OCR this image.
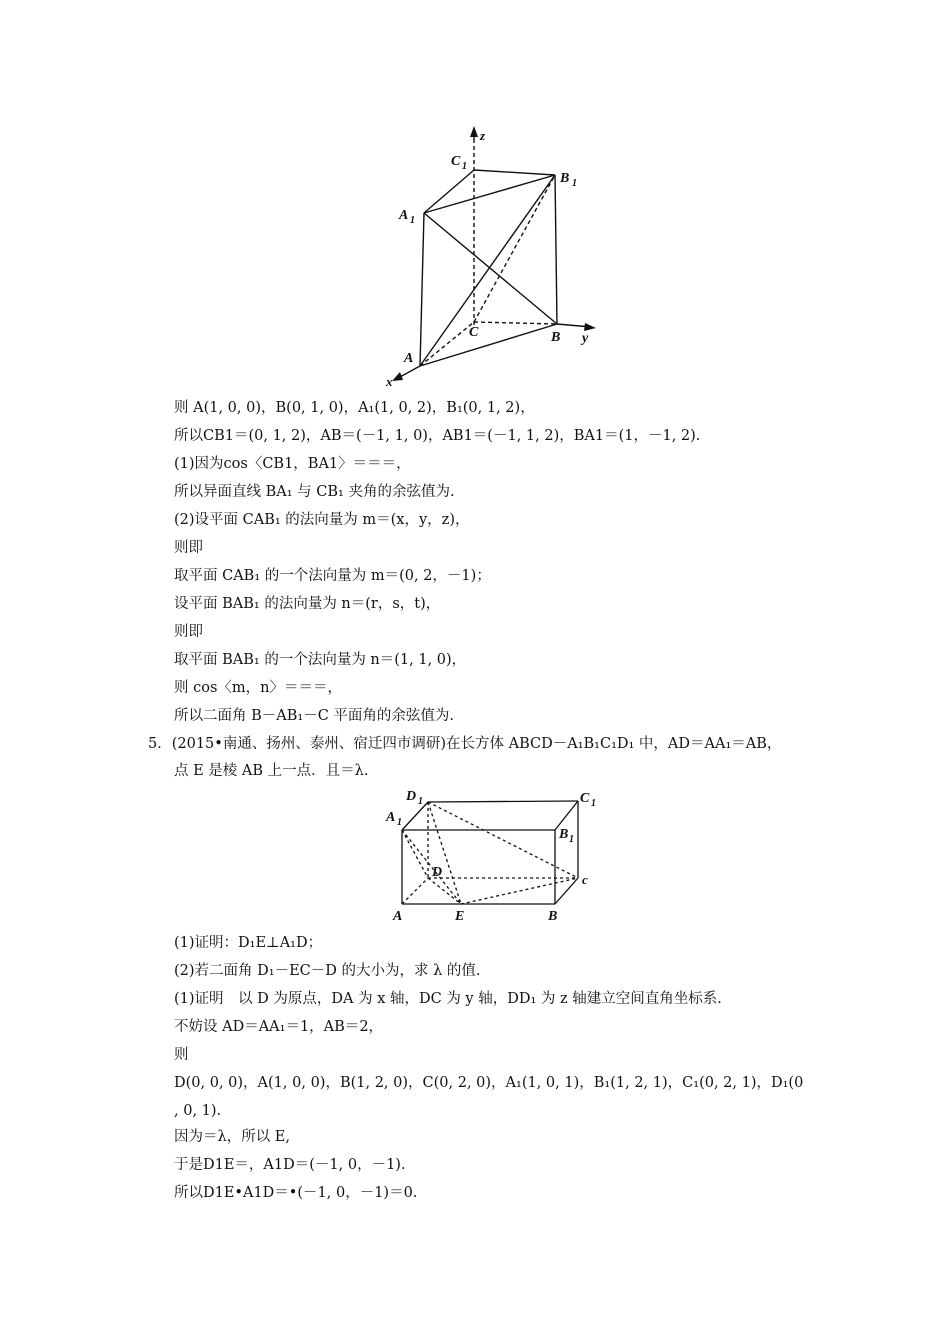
z
C 1
B 1
A 1
C	B y
A
x
则 A(1, 0, 0)，B(0, 1, 0)，A₁(1, 0, 2)，B₁(0, 1, 2)，
所以CB1＝(0, 1, 2)，AB＝(－1, 1, 0)，AB1＝(－1, 1, 2)，BA1＝(1，－1, 2).
(1)因为cos〈CB1，BA1〉＝＝＝，
所以异面直线 BA₁ 与 CB₁ 夹角的余弦值为.
(2)设平面 CAB₁ 的法向量为 m＝(x，y，z)，
则即
取平面 CAB₁ 的一个法向量为 m＝(0, 2，－1)；
设平面 BAB₁ 的法向量为 n＝(r，s，t)，
则即
取平面 BAB₁ 的一个法向量为 n＝(1, 1, 0)，
则 cos〈m，n〉＝＝＝，
所以二面角 B－AB₁－C 平面角的余弦值为.
5．(2015•南通、扬州、泰州、宿迁四市调研)在长方体 ABCD－A₁B₁C₁D₁ 中，AD＝AA₁＝AB，
点 E 是棱 AB 上一点．且＝λ.
D 1	C 1
A 1
B 1
D	c
A	E	B
(1)证明：D₁E⊥A₁D；
(2)若二面角 D₁－EC－D 的大小为，求 λ 的值.
(1)证明　以 D 为原点，DA 为 x 轴，DC 为 y 轴，DD₁ 为 z 轴建立空间直角坐标系.
不妨设 AD＝AA₁＝1，AB＝2，
则
D(0, 0, 0)，A(1, 0, 0)，B(1, 2, 0)，C(0, 2, 0)，A₁(1, 0, 1)，B₁(1, 2, 1)，C₁(0, 2, 1)，D₁(0
, 0, 1).
因为＝λ，所以 E,
于是D1E＝，A1D＝(－1, 0，－1).
所以D1E•A1D＝•(－1, 0，－1)＝0.
